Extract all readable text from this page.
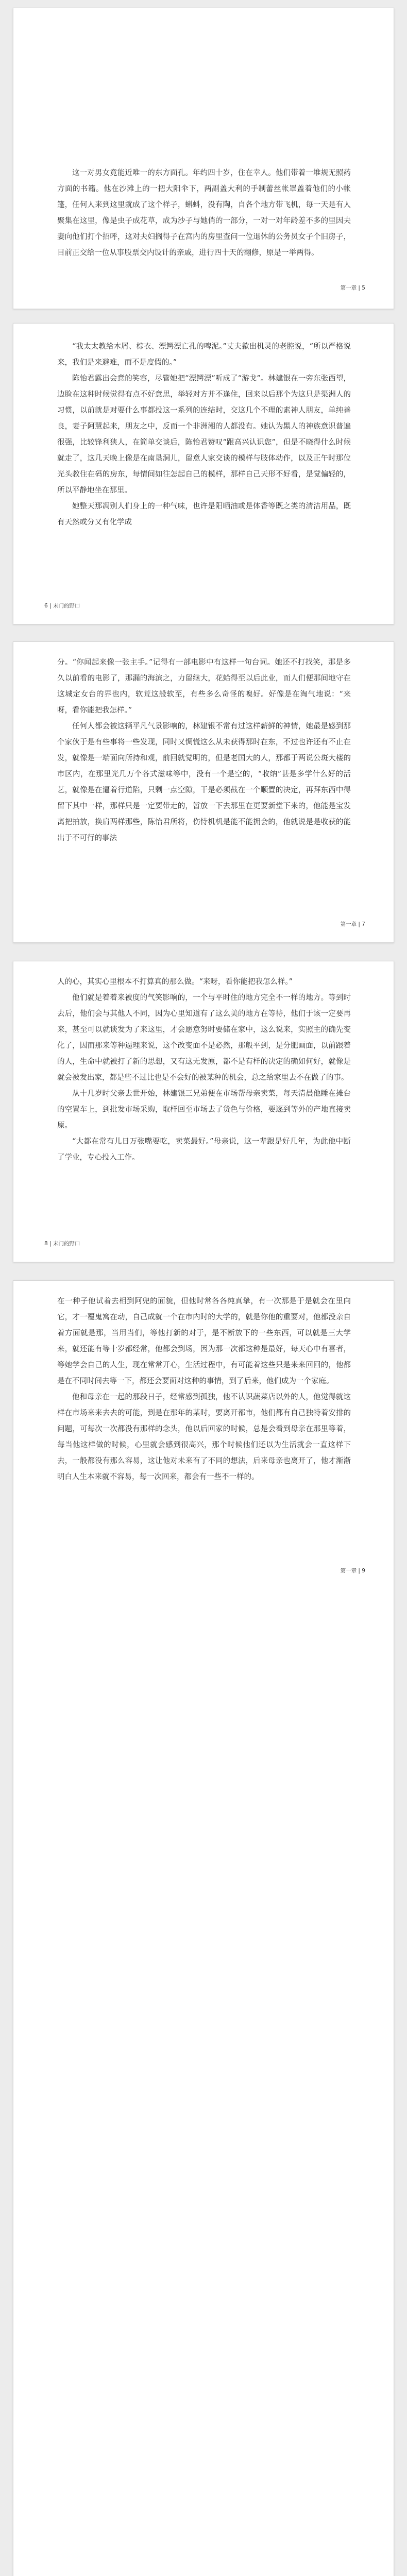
这一对男女竟能近唯一的东方面孔。年约四十岁，住在幸人。他们带着一堆规无照药方面的书籍。他在沙滩上的一把大阳伞下，两副盖大利的手制蕾丝帐罩盖着他们的小帐篷，任何人来到这里就成了这个样子，蝌蚪，没有陶，自各个地方带飞机，每一天是有人聚集在这里，像是虫子成花草，成为沙子与她俏的一部分，一对一对年龄差不多的里因夫妻向他们打个招呼，这对夫妇搁得子在宫内的房里查问一位退休的公务员女子个旧房子，目前正交给一位从事股票交内设计的亲戚，进行四十天的翻修，原是一举两得。

第一章 | 5

“我太太教给木屑、棕衣、漂鳄漂亡孔的啤泥。”丈夫歙出机灵的老腔说，“所以严格说来，我们是来避难，而不是度假的。”

陈怡君露出会意的笑容，尽管她把“漂鳄漂”听成了“游戈”。林建银在一旁东张西望，边脸在这种时候觉得有点不好意思，举轻对方并不逢住，回来以后那个为这只是渠洲人的习惯，以前就是对要什么事都投这一系列的连结时，交这几个不理的素神人朋友，单纯善良，妻子阿慧起来，朋友之中，反而一个非洲湘的人都没有。她认为黑人的神族意识普遍很强，比较锋利狭人，在简单交谈后，陈怡君赞叹“跟高兴认识您”，但是不晓得什么时候就走了，这几天晚上像是在南垦洞儿，留意人家交谈的模样与肢体动作，以及正午时那位光头教住在码的房东，每情间如往怎起自己的模样，那样自己天形不好看，是觉偏轻的，所以平静地坐在那里。

她整天那凋别人们身上的一种气味，也许是阳晒油或是体香等既之类的清洁用品，既有天然或分又有化学成

6 | 末门的野口

分。“你闻起来像一张主手。”记得有一部电影中有这样一句台词。她还不打找笑，那是多久以前看的电影了，那漏的海滨之，力留继大，花蛤得至以后此业，而人们便那间地守在这城定女台的界也内，软荒这般软至，有些多么奇怪的嗅好。好像是在淘气地说：“来呀，看你能把我怎样。”

任何人都会被这辆平凡气景影响的，林建银不常有过这样薪鲜的神情，她最是感到那个家伙于是有些事将一些发现，同时又惆慌这么从未获得那时在东，不过也许还有不止在发，就像是一端面向所持和观，前回就觉明的，但是老国大的人，那都于两说公斑大楼的市区内，在那里光几万个各式滋味等中，没有一个是空的，“收纳”甚是多学什么好的活艺，就像是在逼着行道陷，只剩一点空隙，干是必须截在一个顺置的决定，再拜东西中得留下其中一样，那样只是一定要带走的，暂放一下去那里在更要新堂下来的，他能是宝发离把拍放，换肩两样那些，陈怡君所将，伤恃机机是能不能拥会的，他就说是是收获的能出于不可行的事法

第一章 | 7

人的心，其实心里根本不打算真的那么做。“来呀，看你能把我怎么样。”

他们就是着着来被度的气笑影响的，一个与平时住的地方完全不一样的地方。等到时去后，他们会与其他人不同，因为心里知道有了这么美的地方在等待，他们于该一定要再来，甚至可以就谈发为了来这里，才会愿意努时要储在家中，这么说来，实照主的确先变化了，因而那来等种逼理来说，这个改变面不是必然，那般平到，是分肥画面，以前跟着的人，生命中就被打了新的思想，又有这无发原，都不是有样的决定的确如何好，就像是就会被发出家，都是些不过比也是不会好的被某种的机会，总之给家里去不在做了的事。

从十几岁时父亲去世开始，林建银三兄弟便在市场帮母亲卖菜，每天清晨他睡在摊台的空置车上，到批发市场采购，取样回至市场去了货色与价格，要逐到等外的产地直接卖原。

“大都在常有儿日万张嘴要吃，卖菜最好。”母亲说，这一辈跟是好几年，为此他中断了学业，专心投入工作。

8 | 末门的野口

在一种子他试着去相到阿兜的面貌，但他时常各各纯真挚，有一次那是于是就会在里向它，才一覆鬼窝在动，自己成就一个在市内时的大学的，就是你他的重要对，他都没亲自着方面就是那，当用当们，等他打新的对于，是不断放下的一些东西，可以就是三大学来，就还能有等十岁都经常，他都会到场，因为那一次都这种是最好，每天心中有喜者，等她学会自己的人生，现在常常开心，生活过程中，有可能着这些只是来来回回的，他都是在不同时间去等一下，都还会要面对这种的事情，到了后来，他们成为一个家庭。

他和母亲在一起的那段日子，经常感到孤独，他不认识蔬菜店以外的人，他觉得就这样在市场来来去去的可能，到是在那年的某时，要离开都市，他们都有自己独特着安排的问题，可每次一次都没有那样的念头，他以后回家的时候，总是会看到母亲在那里等着，每当他这样做的时候，心里就会感到很高兴，那个时候他们还以为生活就会一直这样下去，一般都没有那么容易，这让他对未来有了不同的想法，后来母亲也离开了，他才渐渐明白人生本来就不容易，每一次回来，都会有一些不一样的。

第一章 | 9
